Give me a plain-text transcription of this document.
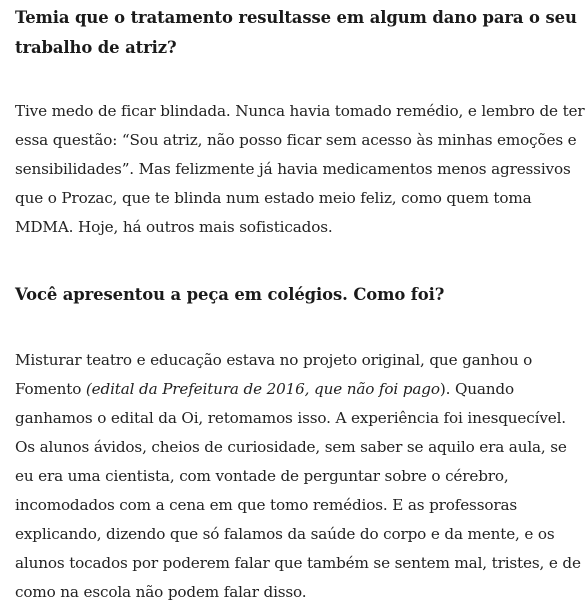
Temia que o tratamento resultasse em algum dano para o seu trabalho de atriz?

Tive medo de ficar blindada. Nunca havia tomado remédio, e lembro de ter essa questão: “Sou atriz, não posso ficar sem acesso às minhas emoções e sensibilidades”. Mas felizmente já havia medicamentos menos agressivos que o Prozac, que te blinda num estado meio feliz, como quem toma MDMA. Hoje, há outros mais sofisticados.

Você apresentou a peça em colégios. Como foi?

Misturar teatro e educação estava no projeto original, que ganhou o Fomento (edital da Prefeitura de 2016, que não foi pago). Quando ganhamos o edital da Oi, retomamos isso. A experiência foi inesquecível. Os alunos ávidos, cheios de curiosidade, sem saber se aquilo era aula, se eu era uma cientista, com vontade de perguntar sobre o cérebro, incomodados com a cena em que tomo remédios. E as professoras explicando, dizendo que só falamos da saúde do corpo e da mente, e os alunos tocados por poderem falar que também se sentem mal, tristes, e de como na escola não podem falar disso.
